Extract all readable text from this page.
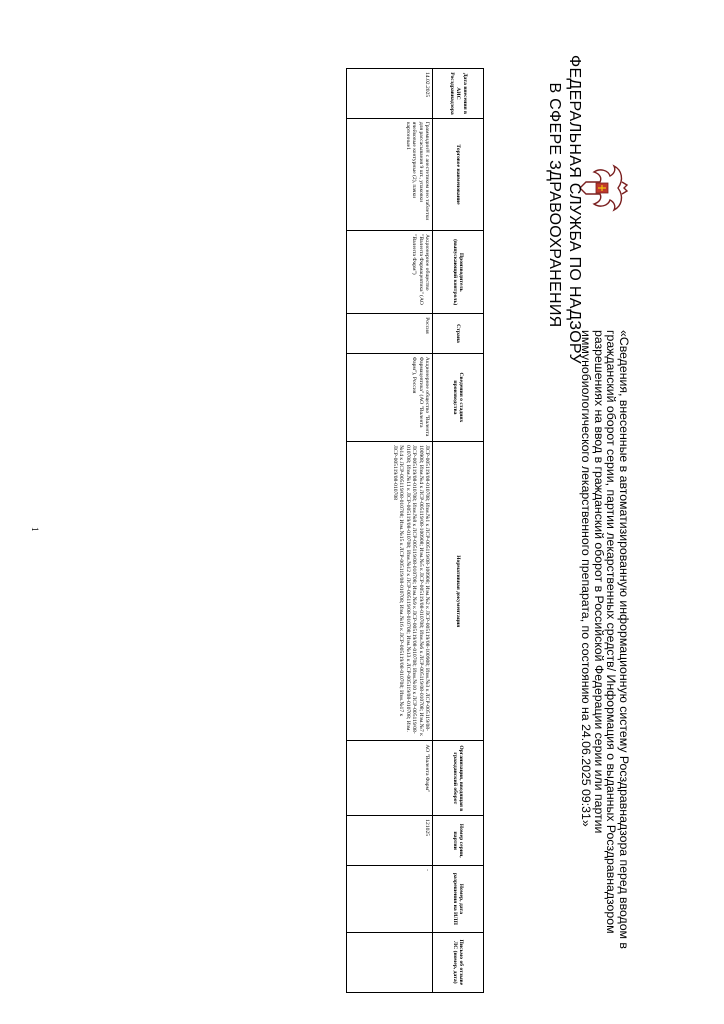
ФЕДЕРАЛЬНАЯ СЛУЖБА ПО НАДЗОРУ
В СФЕРЕ ЗДРАВООХРАНЕНИЯ
«Сведения, внесенные в автоматизированную информационную систему Росздравнадзора перед вводом в гражданский оборот серии, партии лекарственных средств/ Информация о выданных Росздравнадзором разрешениях на ввод в гражданский оборот в Российской Федерации серии или партии иммунобиологического лекарственного препарата, по состоянию на 24.06.2025 09:31»
Дата внесения в АИС Росздравнадзора	Торговое наименование	Производитель (выпускающий контроль)	Страна	Сведения о стадиях производства	Нормативная документация	Организация, вводящая в гражданский оборот	Номер серии, партии	Номер, дата разрешения на ИЛП	Письмо об отзыве ЛС (номер, дата)
14.02.2025	Граммидин® с анестетиком нео таблетки для рассасывания 9 шт., упаковки ячейковые контурные (2), пачки картонные1	Акционерное общество "Валента Фармацевтика" (АО "Валента Фарм")	Россия	Акционерное общество "Валента Фармацевтика" (АО "Валента Фарм"), Россия	ЛСР-005119/08-010708; Изм.№1 к ЛСР-005119/08-100908; Изм.№2 к ЛСР-005119/08-100908; Изм.№3 к ЛСР-005119/08-100908; Изм.№4 к ЛСР-005119/08-100908; Изм.№5 к ЛСР-005119/08-010708; Изм.№6 к ЛСР-005119/08-010708; Изм.№7 к ЛСР-005119/08-010708; Изм.№8 к ЛСР-005119/08-010708; Изм.№9 к ЛСР-005119/08-010708; Изм.№10 к ЛСР-005119/08-010708; Изм.№11 к ЛСР-005119/08-010708; Изм.№12 к ЛСР-005119/08-010708; Изм.№13 к ЛСР-005119/08-010708; Изм.№14 к ЛСР-005119/08-010708; Изм.№15 к ЛСР-005119/08-010708; Изм.№16 к ЛСР-005119/08-010708; Изм.№17 к ЛСР-005119/08-010708	АО "Валента Фарм"	121025	-	
1
